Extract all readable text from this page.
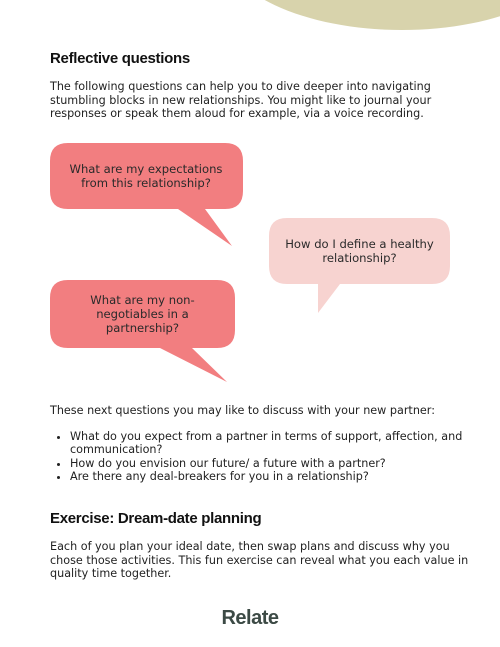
Reflective questions

The following questions can help you to dive deeper into navigating stumbling blocks in new relationships. You might like to journal your responses or speak them aloud for example, via a voice recording.

What are my expectations from this relationship?
How do I define a healthy relationship?
What are my non-negotiables in a partnership?

These next questions you may like to discuss with your new partner:

• What do you expect from a partner in terms of support, affection, and communication?
• How do you envision our future/ a future with a partner?
• Are there any deal-breakers for you in a relationship?
Exercise: Dream-date planning

Each of you plan your ideal date, then swap plans and discuss why you chose those activities. This fun exercise can reveal what you each value in quality time together.

Relate
